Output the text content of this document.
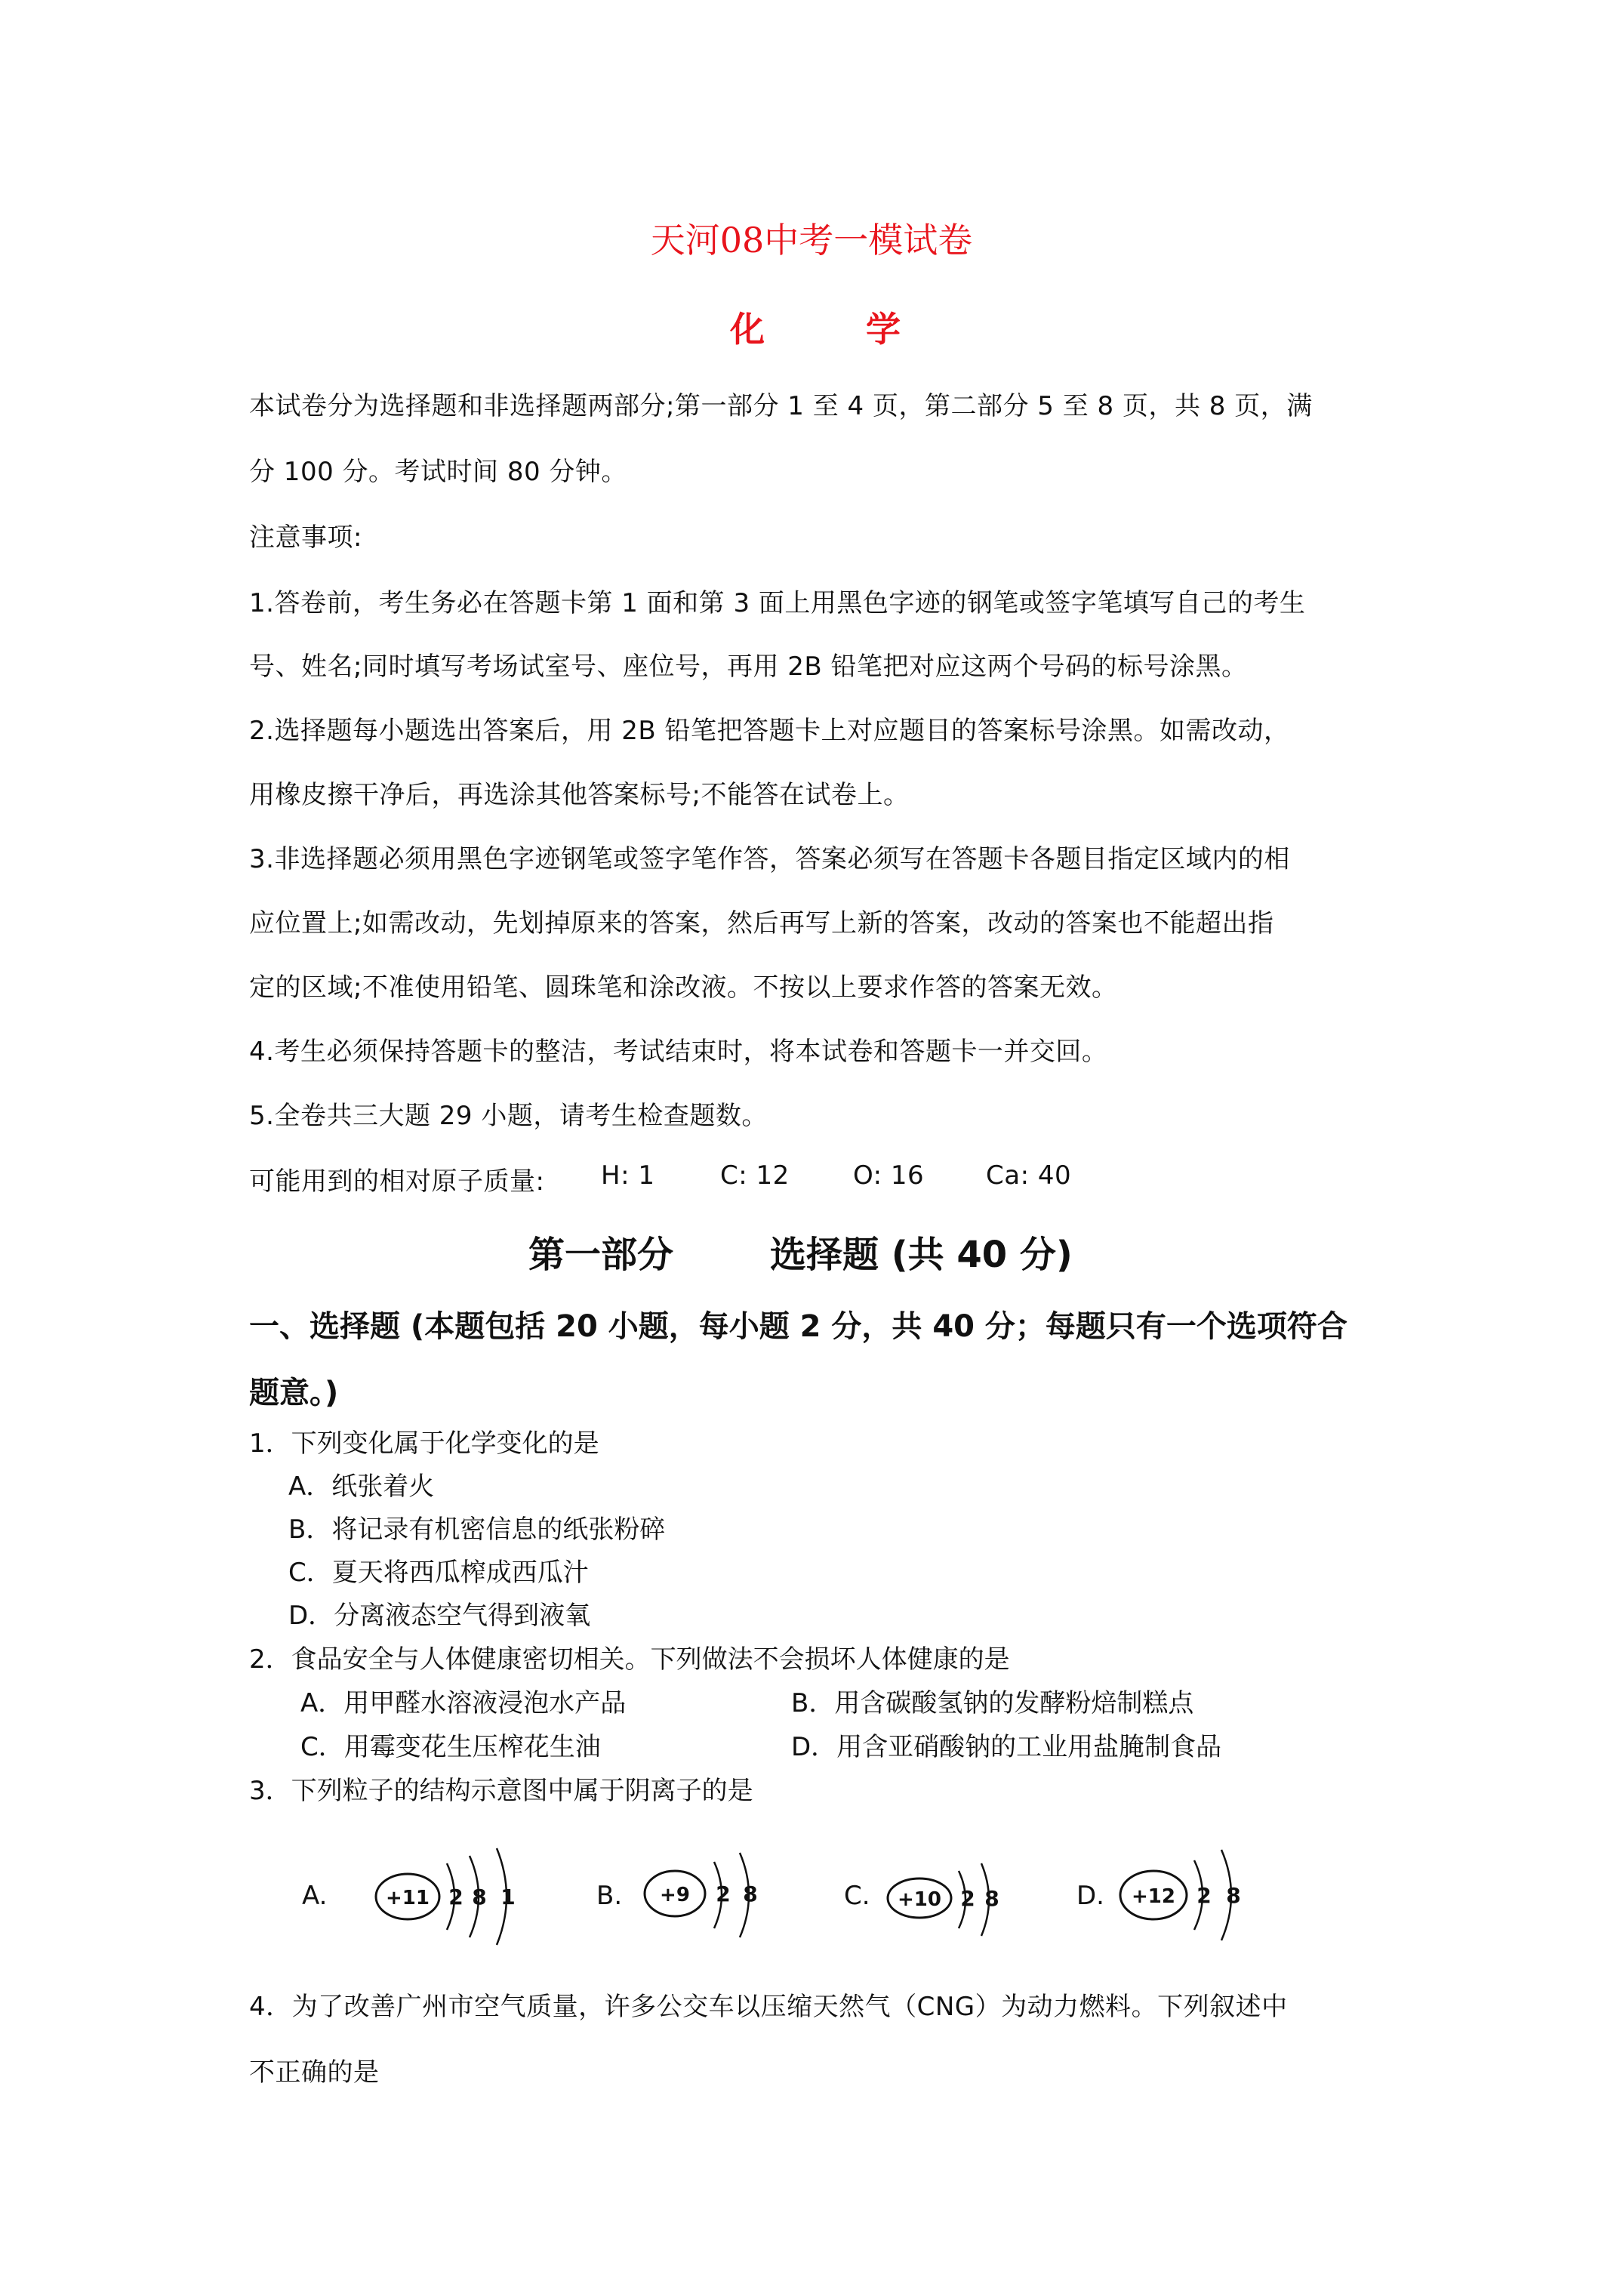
天河08中考一模试卷
化	学
本试卷分为选择题和非选择题两部分;第一部分 1 至 4 页，第二部分 5 至 8 页，共 8 页，满
分 100 分。考试时间 80 分钟。
注意事项:
1.答卷前，考生务必在答题卡第 1 面和第 3 面上用黑色字迹的钢笔或签字笔填写自己的考生
号、姓名;同时填写考场试室号、座位号，再用 2B 铅笔把对应这两个号码的标号涂黑。
2.选择题每小题选出答案后，用 2B 铅笔把答题卡上对应题目的答案标号涂黑。如需改动，
用橡皮擦干净后，再选涂其他答案标号;不能答在试卷上。
3.非选择题必须用黑色字迹钢笔或签字笔作答，答案必须写在答题卡各题目指定区域内的相
应位置上;如需改动，先划掉原来的答案，然后再写上新的答案，改动的答案也不能超出指
定的区域;不准使用铅笔、圆珠笔和涂改液。不按以上要求作答的答案无效。
4.考生必须保持答题卡的整洁，考试结束时，将本试卷和答题卡一并交回。
5.全卷共三大题 29 小题，请考生检查题数。
可能用到的相对原子质量: H: 1	C: 12 O: 16 Ca: 40
第一部分	选择题 (共 40 分)
一、选择题 (本题包括 20 小题，每小题 2 分，共 40 分；每题只有一个选项符合
题意。)
1．下列变化属于化学变化的是
A．纸张着火
B．将记录有机密信息的纸张粉碎
C．夏天将西瓜榨成西瓜汁
D．分离液态空气得到液氧
2．食品安全与人体健康密切相关。下列做法不会损坏人体健康的是
A．用甲醛水溶液浸泡水产品	B．用含碳酸氢钠的发酵粉焙制糕点
C．用霉变花生压榨花生油	D．用含亚硝酸钠的工业用盐腌制食品
3．下列粒子的结构示意图中属于阴离子的是
A.	+11 2 8 1	B. +9 2 8	C. +10 2 8	D. +12 2 8
4．为了改善广州市空气质量，许多公交车以压缩天然气（CNG）为动力燃料。下列叙述中
不正确的是
